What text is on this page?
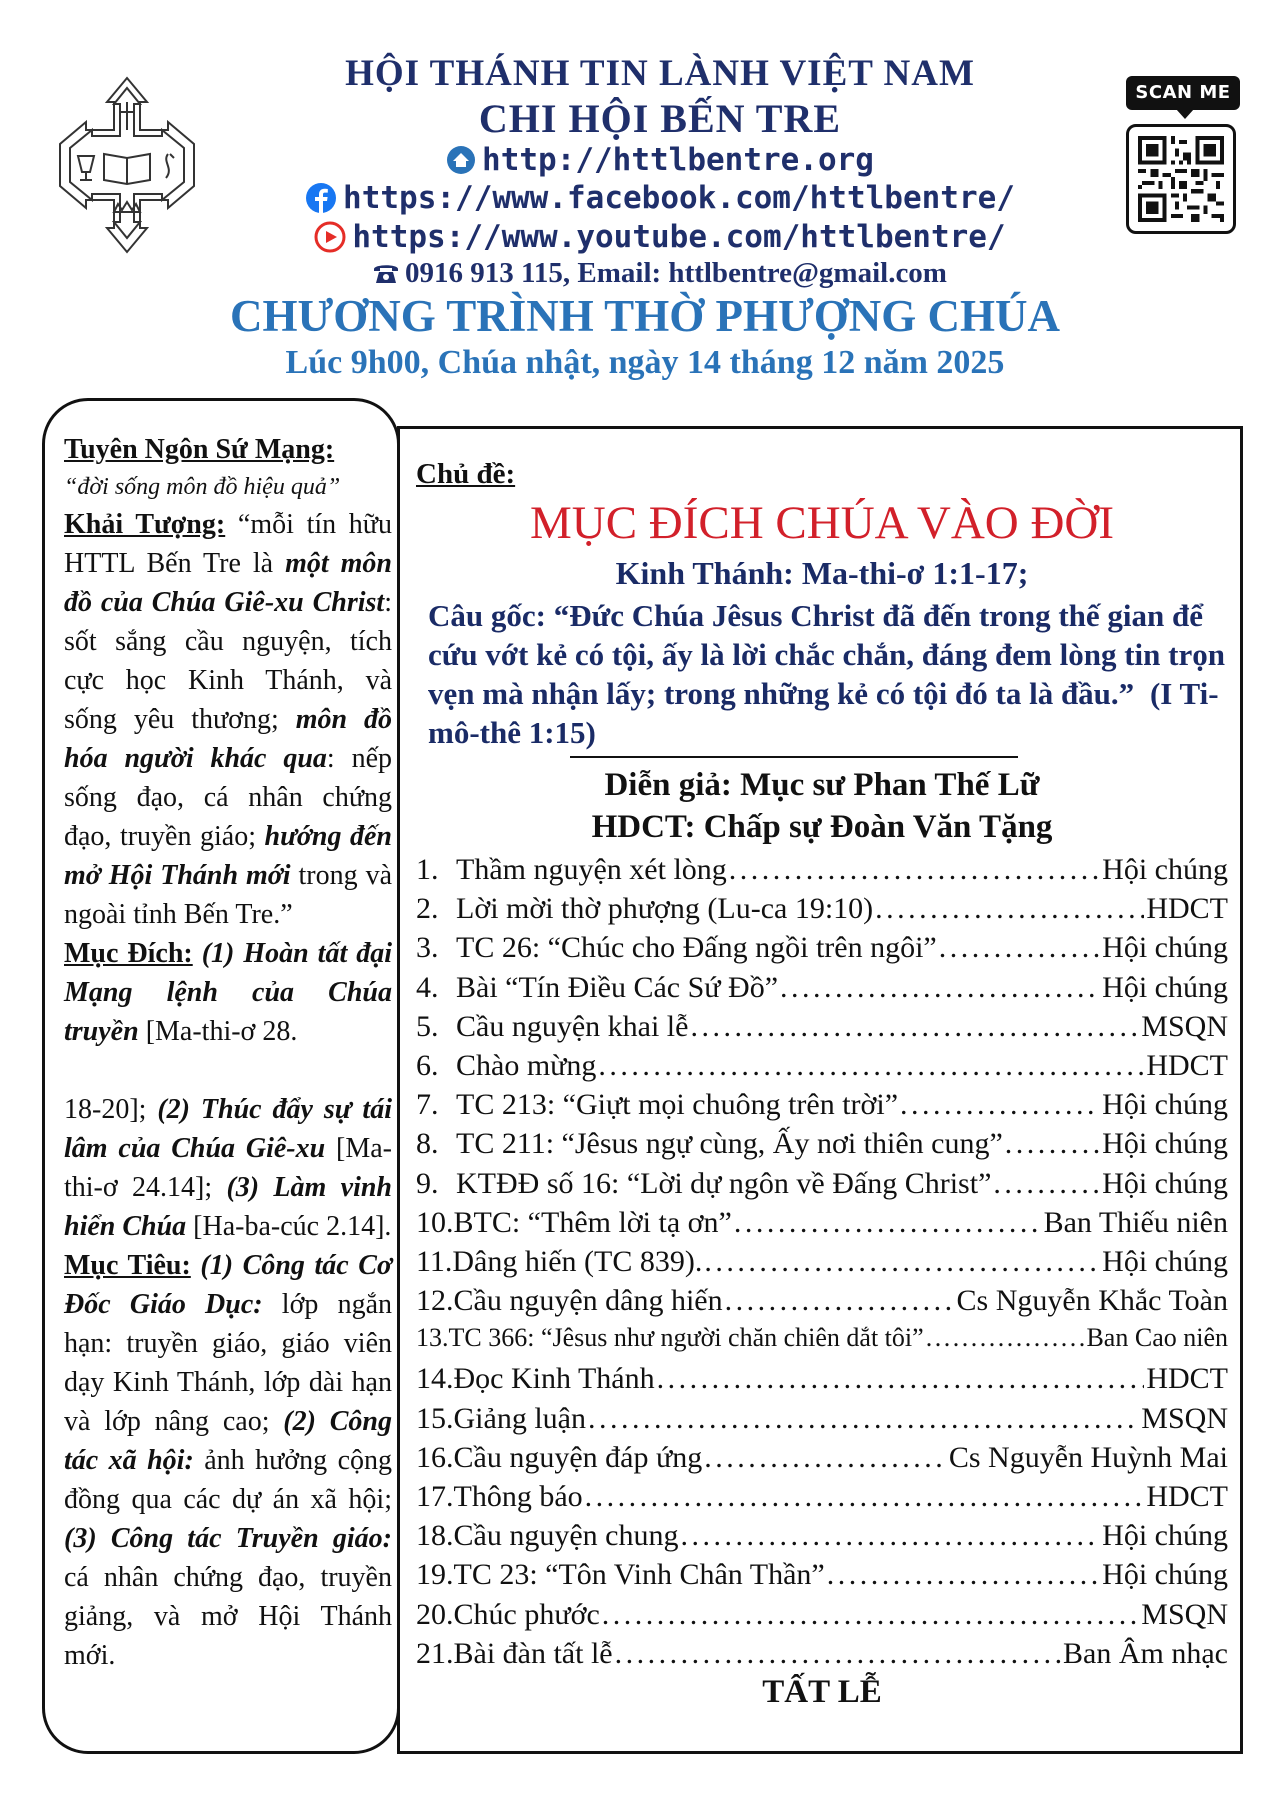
HỘI THÁNH TIN LÀNH VIỆT NAM
CHI HỘI BẾN TRE
http://httlbentre.org
https://www.facebook.com/httlbentre/
https://www.youtube.com/httlbentre/
0916 913 115, Email: httlbentre@gmail.com
CHƯƠNG TRÌNH THỜ PHƯỢNG CHÚA
Lúc 9h00, Chúa nhật, ngày 14 tháng 12 năm 2025
SCAN ME

Tuyên Ngôn Sứ Mạng:

“đời sống môn đồ hiệu quả”

Khải Tượng: “mỗi tín hữu HTTL Bến Tre là một môn đồ của Chúa Giê-xu Christ: sốt sắng cầu nguyện, tích cực học Kinh Thánh, và sống yêu thương; môn đồ hóa người khác qua: nếp sống đạo, cá nhân chứng đạo, truyền giáo; hướng đến mở Hội Thánh mới trong và ngoài tỉnh Bến Tre.”

Mục Đích: (1) Hoàn tất đại Mạng lệnh của Chúa truyền [Ma-thi-ơ 28.

18-20]; (2) Thúc đẩy sự tái lâm của Chúa Giê-xu [Ma-thi-ơ 24.14]; (3) Làm vinh hiển Chúa [Ha-ba-cúc 2.14].

Mục Tiêu: (1) Công tác Cơ Đốc Giáo Dục: lớp ngắn hạn: truyền giáo, giáo viên dạy Kinh Thánh, lớp dài hạn và lớp nâng cao; (2) Công tác xã hội: ảnh hưởng cộng đồng qua các dự án xã hội; (3) Công tác Truyền giáo: cá nhân chứng đạo, truyền giảng, và mở Hội Thánh mới.

Chủ đề:
MỤC ĐÍCH CHÚA VÀO ĐỜI
Kinh Thánh: Ma-thi-ơ 1:1-17;
Câu gốc: “Đức Chúa Jêsus Christ đã đến trong thế gian để cứu vớt kẻ có tội, ấy là lời chắc chắn, đáng đem lòng tin trọn vẹn mà nhận lấy; trong những kẻ có tội đó ta là đầu.” (I Ti-mô-thê 1:15)
Diễn giả: Mục sư Phan Thế Lữ
HDCT: Chấp sự Đoàn Văn Tặng
1. Thầm nguyện xét lòng . . .	Hội chúng
2. Lời mời thờ phượng (Lu-ca 19:10) . . .	HDCT
3. TC 26: “Chúc cho Đấng ngồi trên ngôi” . . .	Hội chúng
4. Bài “Tín Điều Các Sứ Đồ” . . .	Hội chúng
5. Cầu nguyện khai lễ . . .	MSQN
6. Chào mừng . . .	HDCT
7. TC 213: “Giựt mọi chuông trên trời” . . .	Hội chúng
8. TC 211: “Jêsus ngự cùng, Ấy nơi thiên cung” . . .	Hội chúng
9. KTĐĐ số 16: “Lời dự ngôn về Đấng Christ” . . .	Hội chúng
10. BTC: “Thêm lời tạ ơn” . . .	Ban Thiếu niên
11. Dâng hiến (TC 839). . . .	Hội chúng
12. Cầu nguyện dâng hiến . . .	Cs Nguyễn Khắc Toàn
13. TC 366: “Jêsus như người chăn chiên dắt tôi” . . .	Ban Cao niên
14. Đọc Kinh Thánh . . .	HDCT
15. Giảng luận . . .	MSQN
16. Cầu nguyện đáp ứng . . .	Cs Nguyễn Huỳnh Mai
17. Thông báo . . .	HDCT
18. Cầu nguyện chung . . .	Hội chúng
19. TC 23: “Tôn Vinh Chân Thần” . . .	Hội chúng
20. Chúc phước . . .	MSQN
21. Bài đàn tất lễ . . .	Ban Âm nhạc
TẤT LỄ
